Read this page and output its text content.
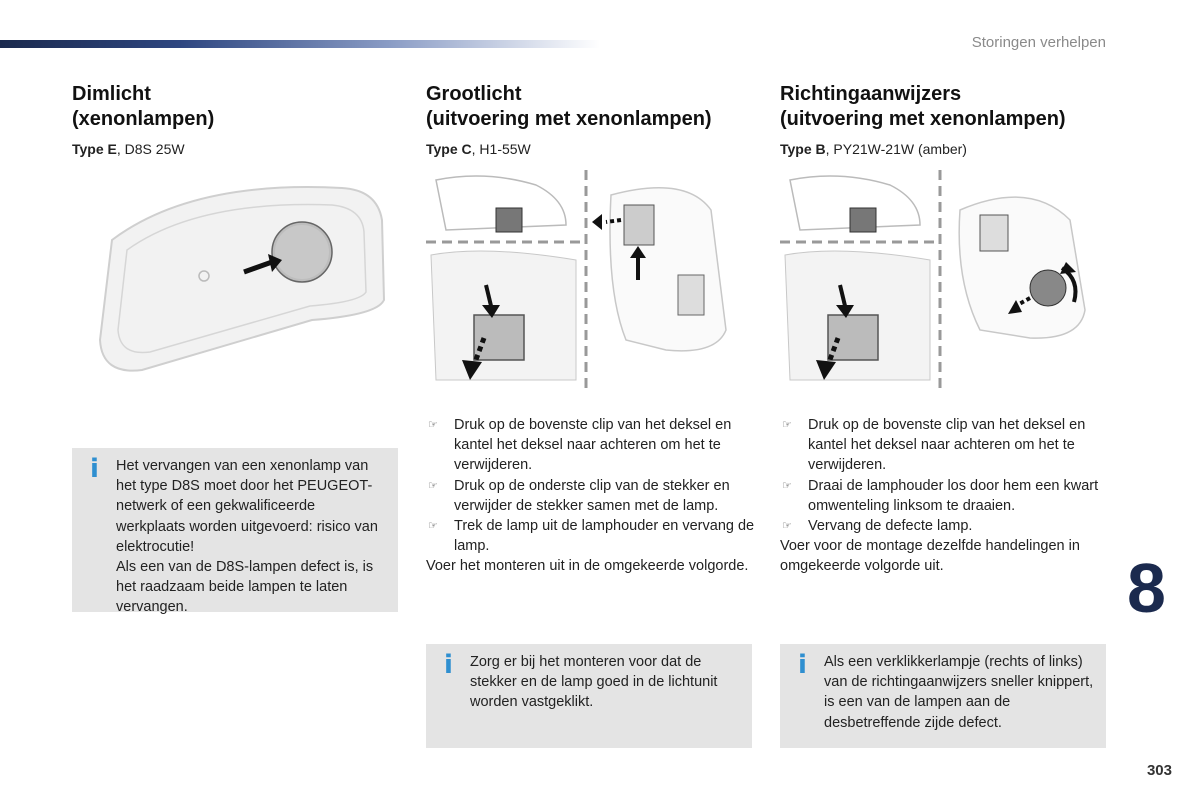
Storingen verhelpen
Dimlicht
(xenonlampen)
Type E, D8S 25W
Grootlicht
(uitvoering met xenonlampen)
Type C, H1-55W
Richtingaanwijzers
(uitvoering met xenonlampen)
Type B, PY21W-21W (amber)
☞ Druk op de bovenste clip van het deksel en kantel het deksel naar achteren om het te verwijderen.
☞ Druk op de onderste clip van de stekker en verwijder de stekker samen met de lamp.
☞ Trek de lamp uit de lamphouder en vervang de lamp.

Voer het monteren uit in de omgekeerde volgorde.

☞ Druk op de bovenste clip van het deksel en kantel het deksel naar achteren om het te verwijderen.
☞ Draai de lamphouder los door hem een kwart omwenteling linksom te draaien.
☞ Vervang de defecte lamp.

Voer voor de montage dezelfde handelingen in omgekeerde volgorde uit.

i Het vervangen van een xenonlamp van het type D8S moet door het PEUGEOT-netwerk of een gekwalificeerde werkplaats worden uitgevoerd: risico van elektrocutie!

Als een van de D8S-lampen defect is, is het raadzaam beide lampen te laten vervangen.

i Zorg er bij het monteren voor dat de stekker en de lamp goed in de lichtunit worden vastgeklikt.

i Als een verklikkerlampje (rechts of links) van de richtingaanwijzers sneller knippert, is een van de lampen aan de desbetreffende zijde defect.

8
303
